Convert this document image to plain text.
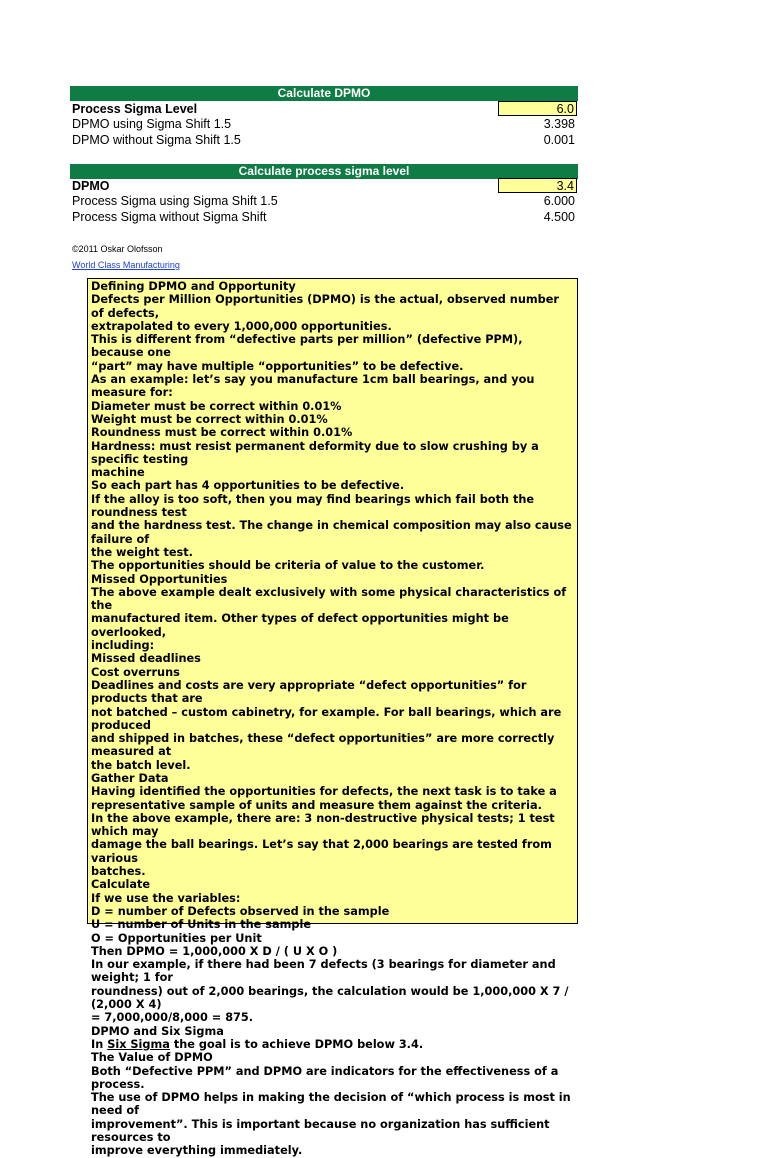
Calculate DPMO
Process Sigma Level	6.0
DPMO using Sigma Shift 1.5	3.398
DPMO without Sigma Shift 1.5	0.001
Calculate process sigma level
DPMO	3.4
Process Sigma using Sigma Shift 1.5	6.000
Process Sigma without Sigma Shift	4.500
©2011 Oskar Olofsson
World Class Manufacturing

Defining DPMO and Opportunity

Defects per Million Opportunities (DPMO) is the actual, observed number of defects,

extrapolated to every 1,000,000 opportunities.

This is different from “defective parts per million” (defective PPM), because one

“part” may have multiple “opportunities” to be defective.

As an example: let’s say you manufacture 1cm ball bearings, and you measure for:

Diameter must be correct within 0.01%

Weight must be correct within 0.01%

Roundness must be correct within 0.01%

Hardness: must resist permanent deformity due to slow crushing by a specific testing

machine

So each part has 4 opportunities to be defective.

If the alloy is too soft, then you may find bearings which fail both the roundness test

and the hardness test. The change in chemical composition may also cause failure of

the weight test.

The opportunities should be criteria of value to the customer.

Missed Opportunities

The above example dealt exclusively with some physical characteristics of the

manufactured item. Other types of defect opportunities might be overlooked,

including:

Missed deadlines

Cost overruns

Deadlines and costs are very appropriate “defect opportunities” for products that are

not batched – custom cabinetry, for example. For ball bearings, which are produced

and shipped in batches, these “defect opportunities” are more correctly measured at

the batch level.

Gather Data

Having identified the opportunities for defects, the next task is to take a

representative sample of units and measure them against the criteria.

In the above example, there are: 3 non-destructive physical tests; 1 test which may

damage the ball bearings. Let’s say that 2,000 bearings are tested from various

batches.

Calculate

If we use the variables:

D = number of Defects observed in the sample

U = number of Units in the sample

O = Opportunities per Unit

Then DPMO = 1,000,000 X D / ( U X O )

In our example, if there had been 7 defects (3 bearings for diameter and weight; 1 for

roundness) out of 2,000 bearings, the calculation would be 1,000,000 X 7 / (2,000 X 4)

= 7,000,000/8,000 = 875.

DPMO and Six Sigma

In Six Sigma the goal is to achieve DPMO below 3.4.

The Value of DPMO

Both “Defective PPM” and DPMO are indicators for the effectiveness of a process.

The use of DPMO helps in making the decision of “which process is most in need of

improvement”. This is important because no organization has sufficient resources to

improve everything immediately.
